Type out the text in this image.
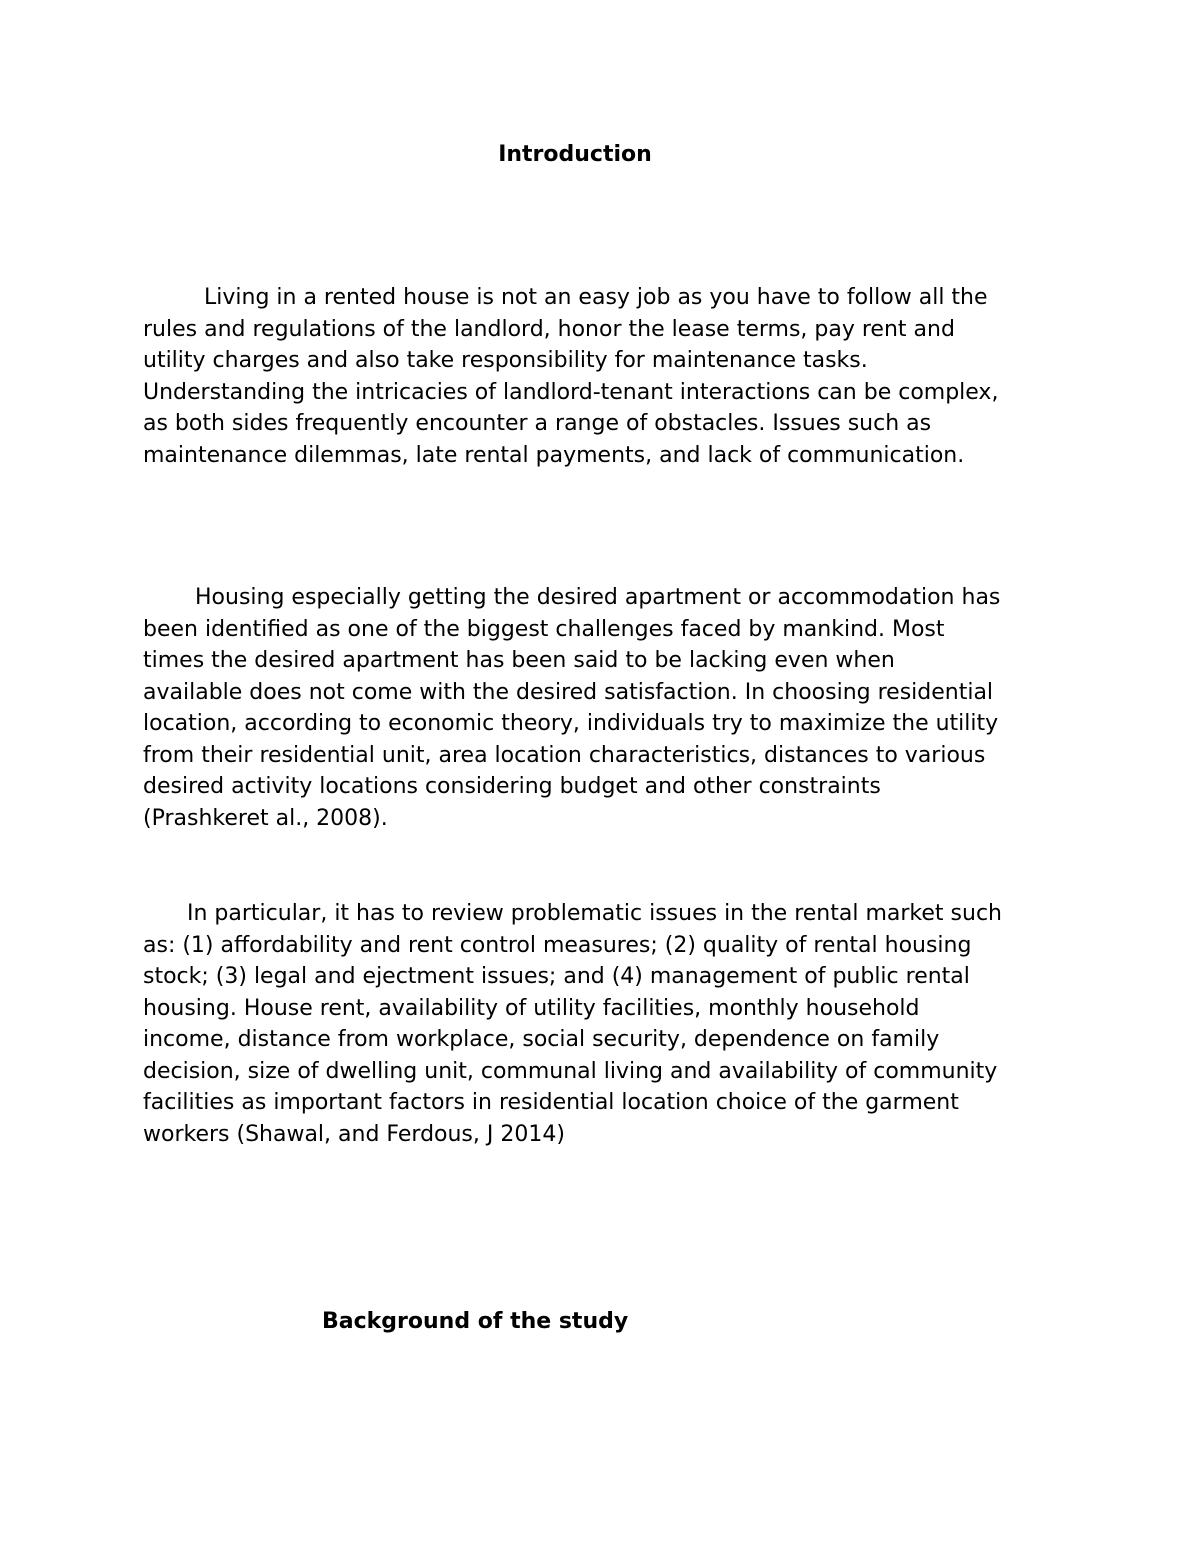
Introduction

Living in a rented house is not an easy job as you have to follow all the
rules and regulations of the landlord, honor the lease terms, pay rent and
utility charges and also take responsibility for maintenance tasks.
Understanding the intricacies of landlord-tenant interactions can be complex,
as both sides frequently encounter a range of obstacles. Issues such as
maintenance dilemmas, late rental payments, and lack of communication.

Housing especially getting the desired apartment or accommodation has
been identified as one of the biggest challenges faced by mankind. Most
times the desired apartment has been said to be lacking even when
available does not come with the desired satisfaction. In choosing residential
location, according to economic theory, individuals try to maximize the utility
from their residential unit, area location characteristics, distances to various
desired activity locations considering budget and other constraints
(Prashkeret al., 2008).

In particular, it has to review problematic issues in the rental market such
as: (1) affordability and rent control measures; (2) quality of rental housing
stock; (3) legal and ejectment issues; and (4) management of public rental
housing. House rent, availability of utility facilities, monthly household
income, distance from workplace, social security, dependence on family
decision, size of dwelling unit, communal living and availability of community
facilities as important factors in residential location choice of the garment
workers (Shawal, and Ferdous, J 2014)

Background of the study
